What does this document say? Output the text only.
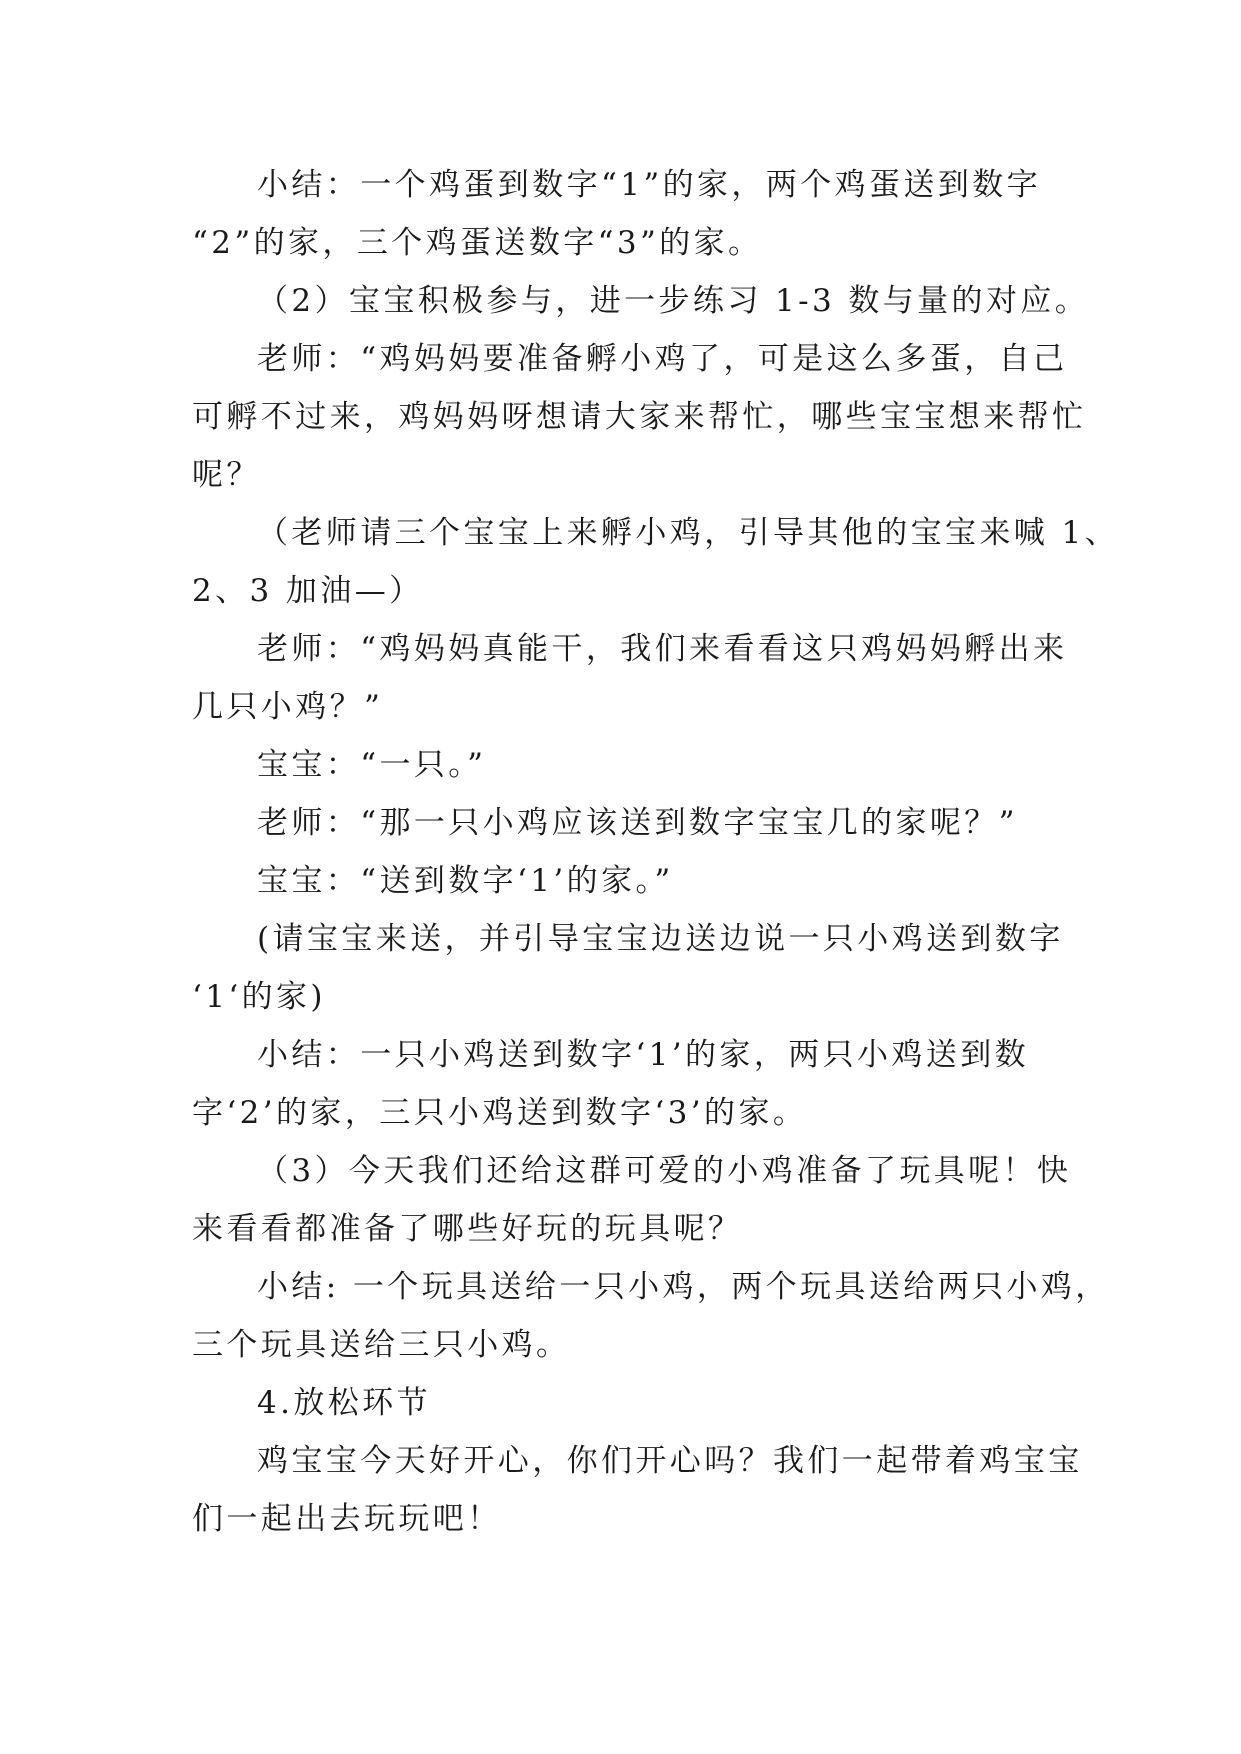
小结：一个鸡蛋到数字“1”的家，两个鸡蛋送到数字
“2”的家，三个鸡蛋送数字“3”的家。
（2）宝宝积极参与，进一步练习 1-3 数与量的对应。
老师：“鸡妈妈要准备孵小鸡了，可是这么多蛋，自己
可孵不过来，鸡妈妈呀想请大家来帮忙，哪些宝宝想来帮忙
呢？
（老师请三个宝宝上来孵小鸡，引导其他的宝宝来喊 1、
2、3 加油—）
老师：“鸡妈妈真能干，我们来看看这只鸡妈妈孵出来
几只小鸡？”
宝宝：“一只。”
老师：“那一只小鸡应该送到数字宝宝几的家呢？”
宝宝：“送到数字‘1’的家。”
(请宝宝来送，并引导宝宝边送边说一只小鸡送到数字
‘1‘的家)
小结：一只小鸡送到数字‘1’的家，两只小鸡送到数
字‘2’的家，三只小鸡送到数字‘3’的家。
（3）今天我们还给这群可爱的小鸡准备了玩具呢！快
来看看都准备了哪些好玩的玩具呢？
小结: 一个玩具送给一只小鸡，两个玩具送给两只小鸡，
三个玩具送给三只小鸡。
4.放松环节
鸡宝宝今天好开心，你们开心吗？我们一起带着鸡宝宝
们一起出去玩玩吧！
